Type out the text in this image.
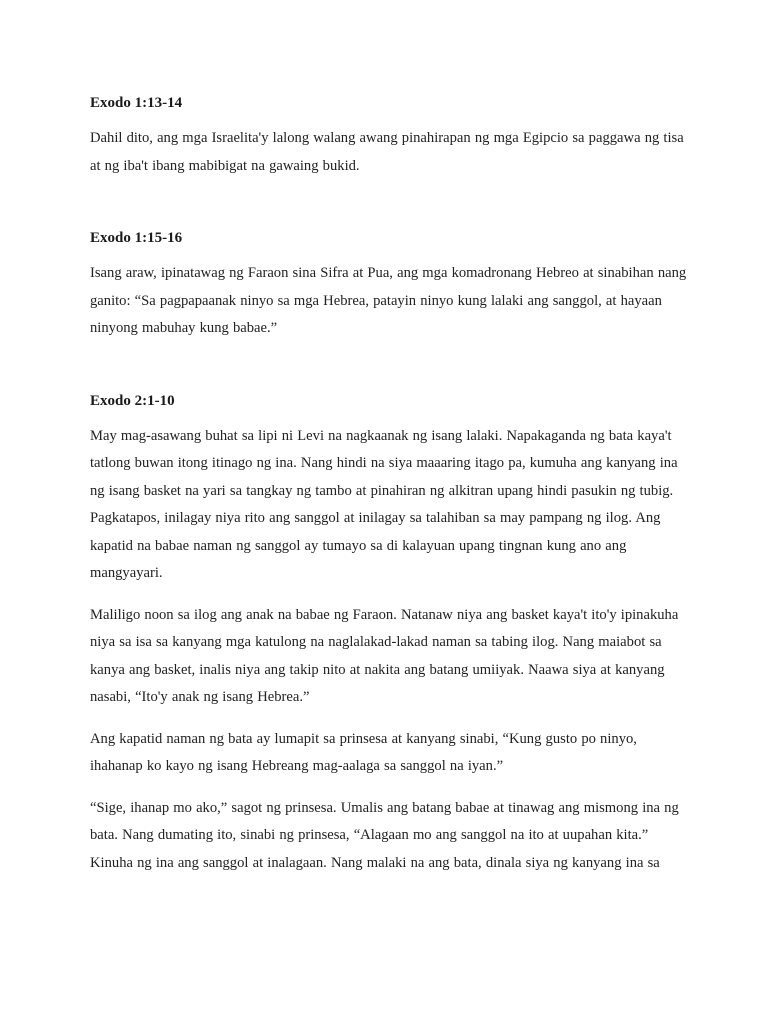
Exodo 1:13-14

Dahil dito, ang mga Israelita'y lalong walang awang pinahirapan ng mga Egipcio sa paggawa ng tisa at ng iba't ibang mabibigat na gawaing bukid.

Exodo 1:15-16

Isang araw, ipinatawag ng Faraon sina Sifra at Pua, ang mga komadronang Hebreo at sinabihan nang ganito: “Sa pagpapaanak ninyo sa mga Hebrea, patayin ninyo kung lalaki ang sanggol, at hayaan ninyong mabuhay kung babae.”

Exodo 2:1-10

May mag-asawang buhat sa lipi ni Levi na nagkaanak ng isang lalaki. Napakaganda ng bata kaya't tatlong buwan itong itinago ng ina. Nang hindi na siya maaaring itago pa, kumuha ang kanyang ina ng isang basket na yari sa tangkay ng tambo at pinahiran ng alkitran upang hindi pasukin ng tubig. Pagkatapos, inilagay niya rito ang sanggol at inilagay sa talahiban sa may pampang ng ilog. Ang kapatid na babae naman ng sanggol ay tumayo sa di kalayuan upang tingnan kung ano ang mangyayari.

Maliligo noon sa ilog ang anak na babae ng Faraon. Natanaw niya ang basket kaya't ito'y ipinakuha niya sa isa sa kanyang mga katulong na naglalakad-lakad naman sa tabing ilog. Nang maiabot sa kanya ang basket, inalis niya ang takip nito at nakita ang batang umiiyak. Naawa siya at kanyang nasabi, “Ito'y anak ng isang Hebrea.”

Ang kapatid naman ng bata ay lumapit sa prinsesa at kanyang sinabi, “Kung gusto po ninyo, ihahanap ko kayo ng isang Hebreang mag-aalaga sa sanggol na iyan.”

“Sige, ihanap mo ako,” sagot ng prinsesa. Umalis ang batang babae at tinawag ang mismong ina ng bata. Nang dumating ito, sinabi ng prinsesa, “Alagaan mo ang sanggol na ito at uupahan kita.” Kinuha ng ina ang sanggol at inalagaan. Nang malaki na ang bata, dinala siya ng kanyang ina sa
